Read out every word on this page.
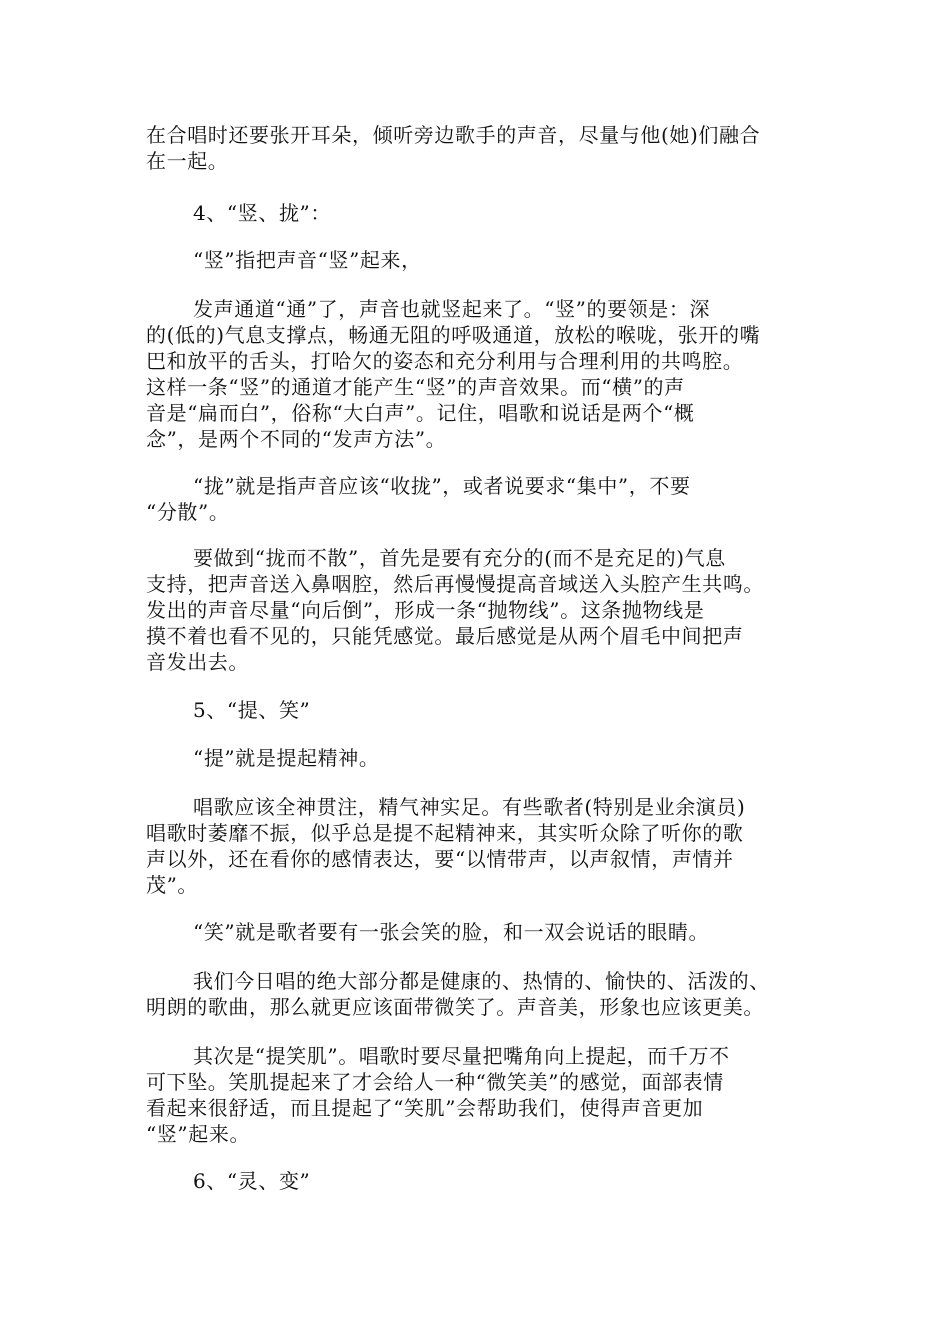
在合唱时还要张开耳朵，倾听旁边歌手的声音，尽量与他(她)们融合
在一起。

4、“竖、拢”：

“竖”指把声音“竖”起来，

发声通道“通”了，声音也就竖起来了。“竖”的要领是：深
的(低的)气息支撑点，畅通无阻的呼吸通道，放松的喉咙，张开的嘴
巴和放平的舌头，打哈欠的姿态和充分利用与合理利用的共鸣腔。
这样一条“竖”的通道才能产生“竖”的声音效果。而“横”的声
音是“扁而白”，俗称“大白声”。记住，唱歌和说话是两个“概
念”，是两个不同的“发声方法”。

“拢”就是指声音应该“收拢”，或者说要求“集中”，不要
“分散”。

要做到“拢而不散”，首先是要有充分的(而不是充足的)气息
支持，把声音送入鼻咽腔，然后再慢慢提高音域送入头腔产生共鸣。
发出的声音尽量“向后倒”，形成一条“抛物线”。这条抛物线是
摸不着也看不见的，只能凭感觉。最后感觉是从两个眉毛中间把声
音发出去。

5、“提、笑”

“提”就是提起精神。

唱歌应该全神贯注，精气神实足。有些歌者(特别是业余演员)
唱歌时萎靡不振，似乎总是提不起精神来，其实听众除了听你的歌
声以外，还在看你的感情表达，要“以情带声，以声叙情，声情并
茂”。

“笑”就是歌者要有一张会笑的脸，和一双会说话的眼睛。

我们今日唱的绝大部分都是健康的、热情的、愉快的、活泼的、
明朗的歌曲，那么就更应该面带微笑了。声音美，形象也应该更美。

其次是“提笑肌”。唱歌时要尽量把嘴角向上提起，而千万不
可下坠。笑肌提起来了才会给人一种“微笑美”的感觉，面部表情
看起来很舒适，而且提起了“笑肌”会帮助我们，使得声音更加
“竖”起来。

6、“灵、变”
